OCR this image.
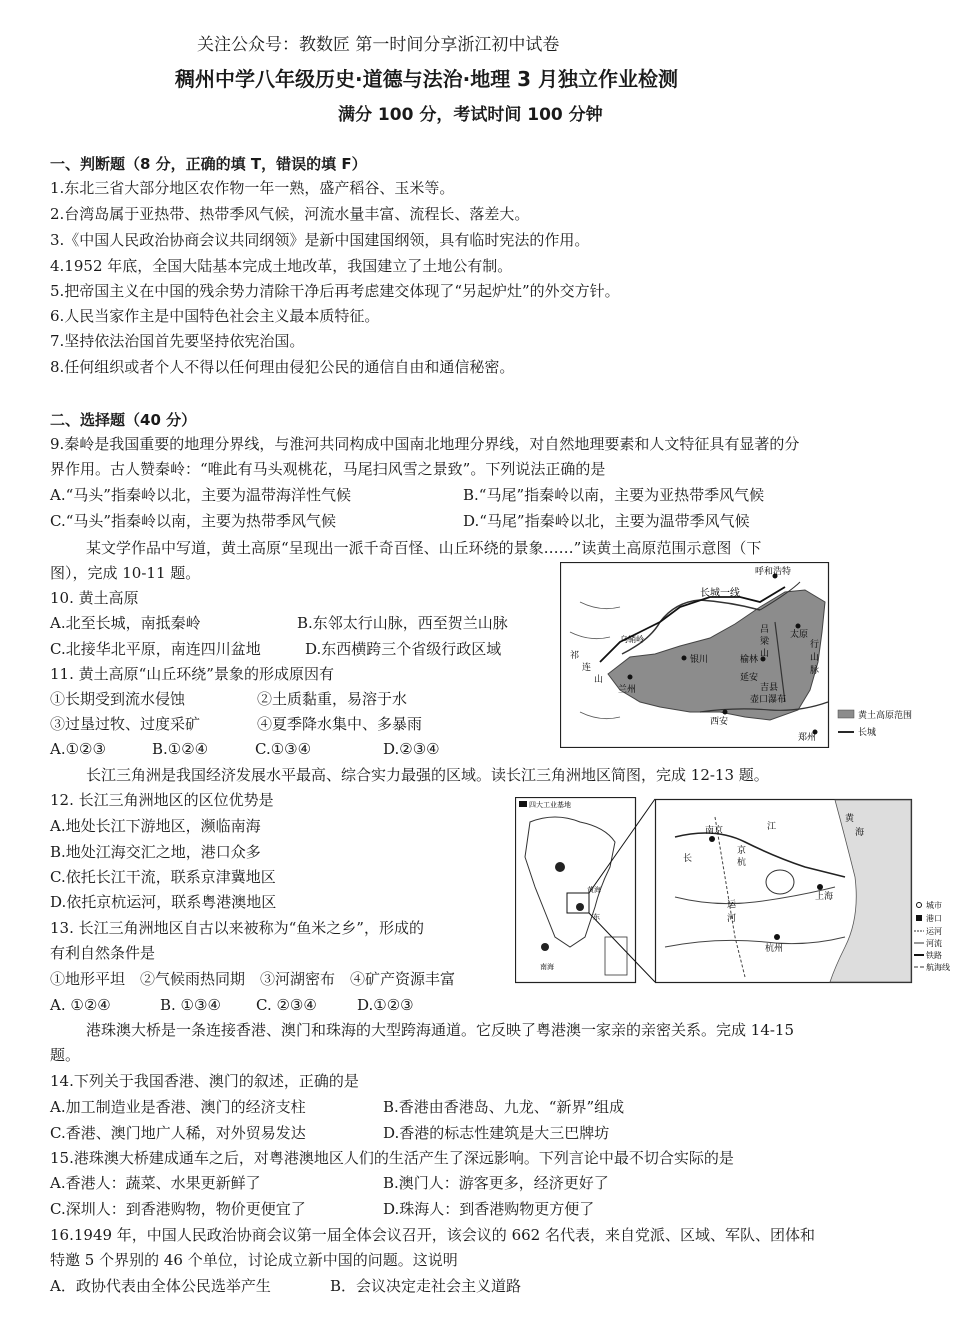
关注公众号：教数匠 第一时间分享浙江初中试卷
稠州中学八年级历史·道德与法治·地理 3 月独立作业检测
满分 100 分，考试时间 100 分钟
一、判断题（8 分，正确的填 T，错误的填 F）
1.东北三省大部分地区农作物一年一熟，盛产稻谷、玉米等。
2.台湾岛属于亚热带、热带季风气候，河流水量丰富、流程长、落差大。
3.《中国人民政治协商会议共同纲领》是新中国建国纲领，具有临时宪法的作用。
4.1952 年底，全国大陆基本完成土地改革，我国建立了土地公有制。
5.把帝国主义在中国的残余势力清除干净后再考虑建交体现了“另起炉灶”的外交方针。
6.人民当家作主是中国特色社会主义最本质特征。
7.坚持依法治国首先要坚持依宪治国。
8.任何组织或者个人不得以任何理由侵犯公民的通信自由和通信秘密。
二、选择题（40 分）
9.秦岭是我国重要的地理分界线，与淮河共同构成中国南北地理分界线，对自然地理要素和人文特征具有显著的分
界作用。古人赞秦岭：“唯此有马头观桃花，马尾扫风雪之景致”。下列说法正确的是
A.“马头”指秦岭以北，主要为温带海洋性气候	B.“马尾”指秦岭以南，主要为亚热带季风气候
C.“马头”指秦岭以南，主要为热带季风气候	D.“马尾”指秦岭以北，主要为温带季风气候
某文学作品中写道，黄土高原“呈现出一派千奇百怪、山丘环绕的景象……”读黄土高原范围示意图（下
图），完成 10-11 题。
10. 黄土高原
A.北至长城，南抵秦岭	B.东邻太行山脉，西至贺兰山脉
C.北接华北平原，南连四川盆地	D.东西横跨三个省级行政区域
11. 黄土高原“山丘环绕”景象的形成原因有
①长期受到流水侵蚀	②土质黏重，易溶于水
③过垦过牧、过度采矿	④夏季降水集中、多暴雨
A.①②③	B.①②④	C.①③④	D.②③④
长江三角洲是我国经济发展水平最高、综合实力最强的区域。读长江三角洲地区简图，完成 12-13 题。
12. 长江三角洲地区的区位优势是
A.地处长江下游地区，濒临南海
B.地处江海交汇之地，港口众多
C.依托长江干流，联系京津冀地区
D.依托京杭运河，联系粤港澳地区
13. 长江三角洲地区自古以来被称为“鱼米之乡”，形成的
有利自然条件是
①地形平坦　②气候雨热同期　③河湖密布　④矿产资源丰富
A. ①②④	B. ①③④ C. ②③④	D.①②③
港珠澳大桥是一条连接香港、澳门和珠海的大型跨海通道。它反映了粤港澳一家亲的亲密关系。完成 14-15
题。
14.下列关于我国香港、澳门的叙述，正确的是
A.加工制造业是香港、澳门的经济支柱	B.香港由香港岛、九龙、“新界”组成
C.香港、澳门地广人稀，对外贸易发达	D.香港的标志性建筑是大三巴牌坊
15.港珠澳大桥建成通车之后，对粤港澳地区人们的生活产生了深远影响。下列言论中最不切合实际的是
A.香港人：蔬菜、水果更新鲜了	B.澳门人：游客更多，经济更好了
C.深圳人：到香港购物，物价更便宜了	D.珠海人：到香港购物更方便了
16.1949 年，中国人民政治协商会议第一届全体会议召开，该会议的 662 名代表，来自党派、区域、军队、团体和
特邀 5 个界别的 46 个单位，讨论成立新中国的问题。这说明
A．政协代表由全体公民选举产生	B．会议决定走社会主义道路
呼和浩特
长城一线
乌鞘岭
银川	榆林
太原
吕
梁
山
延安
吉县
壶口瀑布
兰州
西安
郑州
祁
连
山
行
山
脉
黄土高原范围
长城
四大工业基地
黄海
东
南海
黄
海
江
南京
京
杭
长
上海
杭州
运
河
城市
港口
运河
河流
铁路
航海线
